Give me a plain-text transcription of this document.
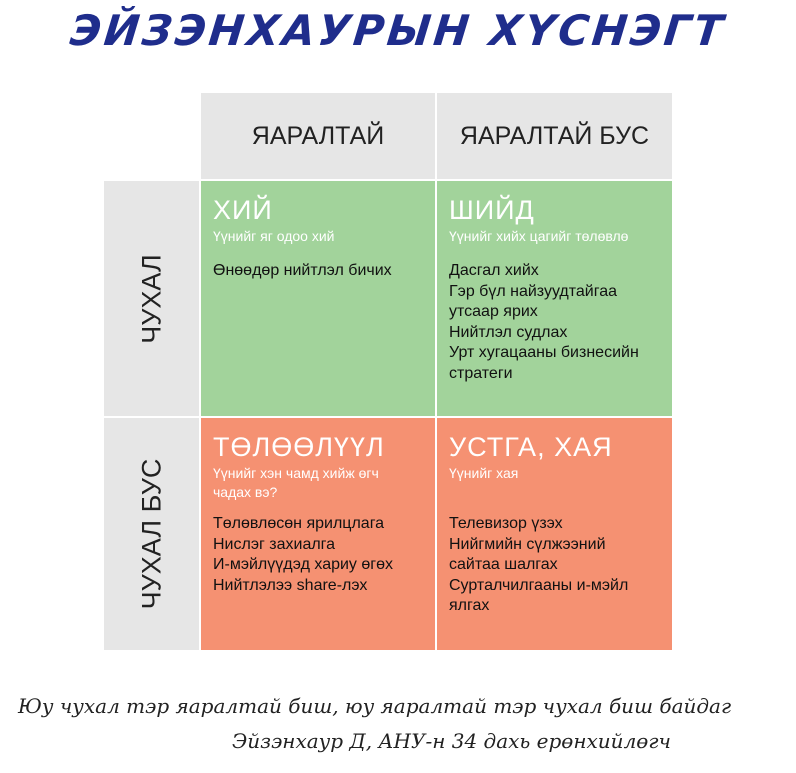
ЭЙЗЭНХАУРЫН ХҮСНЭГТ
ЯАРАЛТАЙ	ЯАРАЛТАЙ БУС
ЧУХАЛ
ЧУХАЛ БУС
ХИЙ
Үүнийг яг одоо хий
Өнөөдөр нийтлэл бичих
ШИЙД
Үүнийг хийх цагийг төлөвлө
Дасгал хийх
Гэр бүл найзуудтайгаа
утсаар ярих
Нийтлэл судлах
Урт хугацааны бизнесийн
стратеги
ТӨЛӨӨЛҮҮЛ
Үүнийг хэн чамд хийж өгч чадах вэ?
Төлөвлөсөн ярилцлага
Нислэг захиалга
И-мэйлүүдэд хариу өгөх
Нийтлэлээ share-лэх
УСТГА, ХАЯ
Үүнийг хая
Телевизор үзэх
Нийгмийн сүлжээний
сайтаа шалгах
Сурталчилгааны и-мэйл
ялгах
Юу чухал тэр яаралтай биш, юу яаралтай тэр чухал биш байдаг
Эйзэнхаур Д, АНУ-н 34 дахь ерөнхийлөгч
